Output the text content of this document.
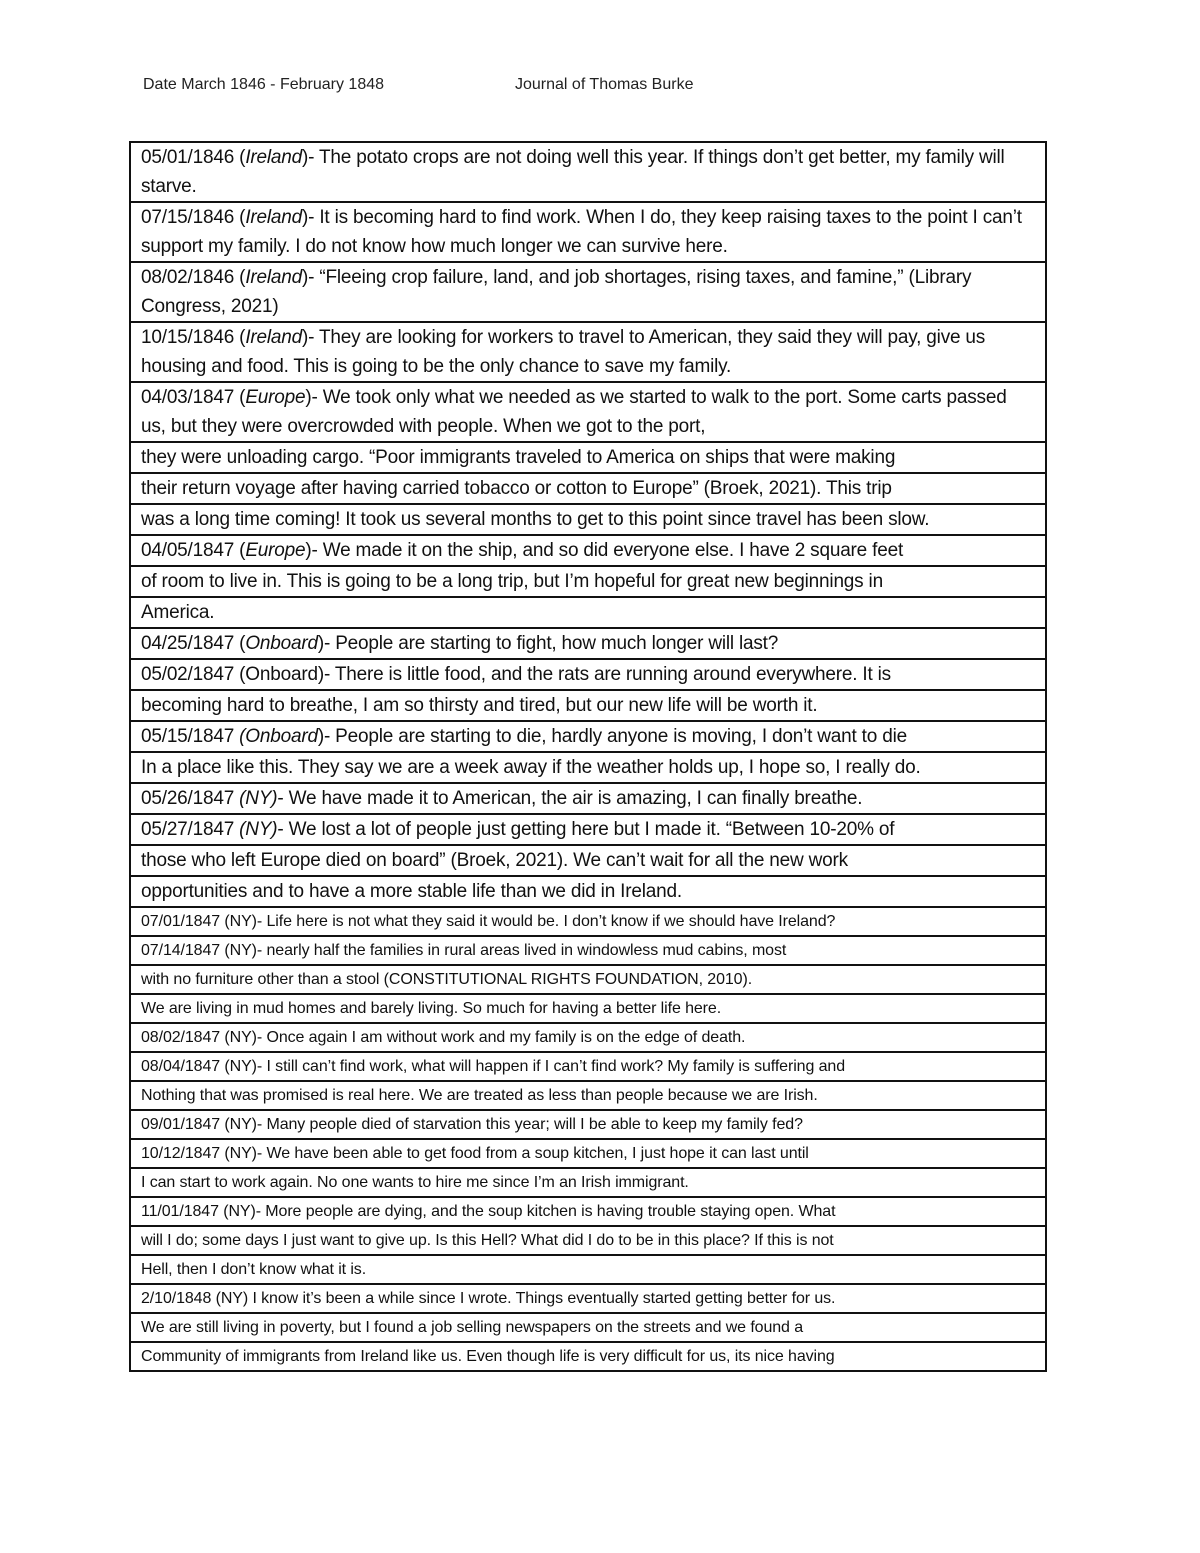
Date March 1846 - February 1848	Journal of Thomas Burke
05/01/1846 (Ireland)- The potato crops are not doing well this year. If things don’t get better, my family will starve.
07/15/1846 (Ireland)- It is becoming hard to find work. When I do, they keep raising taxes to the point I can’t support my family. I do not know how much longer we can survive here.
08/02/1846 (Ireland)- “Fleeing crop failure, land, and job shortages, rising taxes, and famine,” (Library Congress, 2021)
10/15/1846 (Ireland)- They are looking for workers to travel to American, they said they will pay, give us housing and food. This is going to be the only chance to save my family.
04/03/1847 (Europe)- We took only what we needed as we started to walk to the port. Some carts passed us, but they were overcrowded with people. When we got to the port,
they were unloading cargo. “Poor immigrants traveled to America on ships that were making
their return voyage after having carried tobacco or cotton to Europe” (Broek, 2021). This trip
was a long time coming! It took us several months to get to this point since travel has been slow.
04/05/1847 (Europe)- We made it on the ship, and so did everyone else. I have 2 square feet
of room to live in. This is going to be a long trip, but I’m hopeful for great new beginnings in
America.
04/25/1847 (Onboard)- People are starting to fight, how much longer will last?
05/02/1847 (Onboard)- There is little food, and the rats are running around everywhere. It is
becoming hard to breathe, I am so thirsty and tired, but our new life will be worth it.
05/15/1847 (Onboard)- People are starting to die, hardly anyone is moving, I don’t want to die
In a place like this. They say we are a week away if the weather holds up, I hope so, I really do.
05/26/1847 (NY)- We have made it to American, the air is amazing, I can finally breathe.
05/27/1847 (NY)- We lost a lot of people just getting here but I made it. “Between 10-20% of
those who left Europe died on board” (Broek, 2021). We can’t wait for all the new work
opportunities and to have a more stable life than we did in Ireland.
07/01/1847 (NY)- Life here is not what they said it would be. I don’t know if we should have Ireland?
07/14/1847 (NY)- nearly half the families in rural areas lived in windowless mud cabins, most
with no furniture other than a stool (CONSTITUTIONAL RIGHTS FOUNDATION, 2010).
We are living in mud homes and barely living. So much for having a better life here.
08/02/1847 (NY)- Once again I am without work and my family is on the edge of death.
08/04/1847 (NY)- I still can’t find work, what will happen if I can’t find work? My family is suffering and
Nothing that was promised is real here. We are treated as less than people because we are Irish.
09/01/1847 (NY)- Many people died of starvation this year; will I be able to keep my family fed?
10/12/1847 (NY)- We have been able to get food from a soup kitchen, I just hope it can last until
I can start to work again. No one wants to hire me since I’m an Irish immigrant.
11/01/1847 (NY)- More people are dying, and the soup kitchen is having trouble staying open. What
will I do; some days I just want to give up. Is this Hell? What did I do to be in this place? If this is not
Hell, then I don’t know what it is.
2/10/1848 (NY) I know it’s been a while since I wrote. Things eventually started getting better for us.
We are still living in poverty, but I found a job selling newspapers on the streets and we found a
Community of immigrants from Ireland like us. Even though life is very difficult for us, its nice having
